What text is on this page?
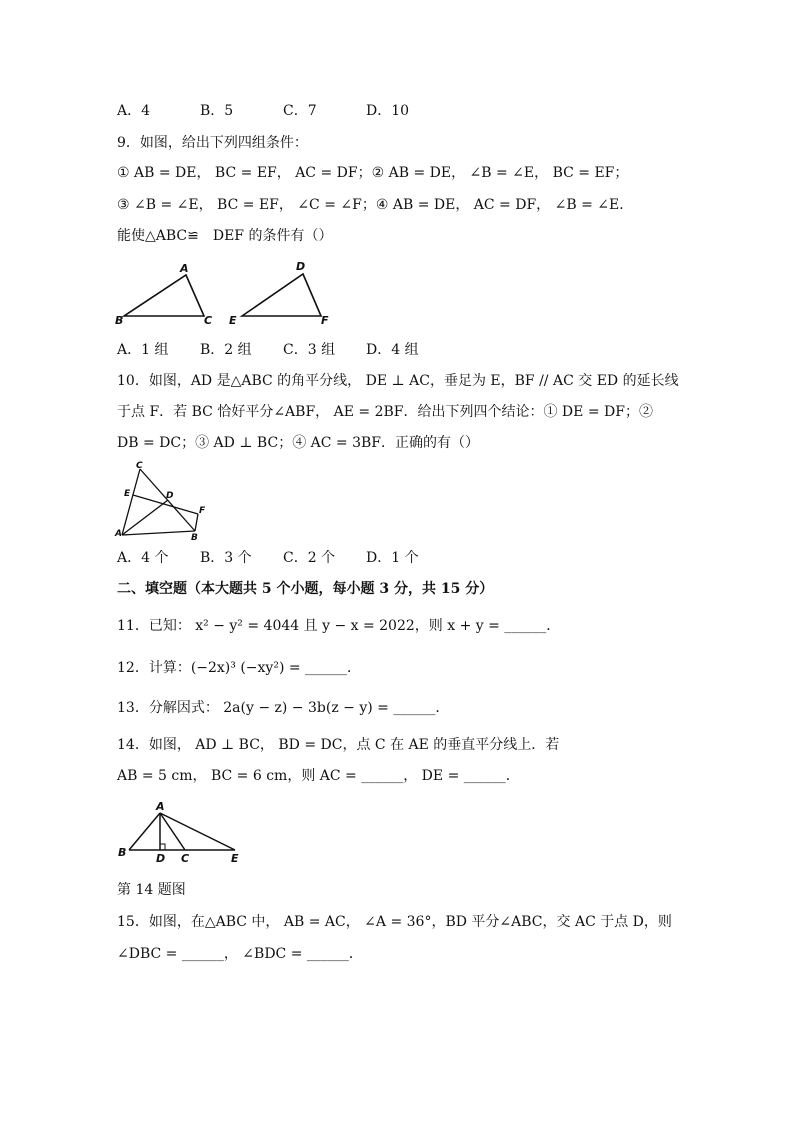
A．4	B．5	C．7	D．10
9．如图，给出下列四组条件：
① AB = DE， BC = EF， AC = DF；② AB = DE， ∠B = ∠E， BC = EF；
③ ∠B = ∠E， BC = EF， ∠C = ∠F；④ AB = DE， AC = DF， ∠B = ∠E．
能使△ABC≌　DEF 的条件有（）
A
B	C
D
E	F
A．1 组 B．2 组 C．3 组 D．4 组
10．如图，AD 是△ABC 的角平分线， DE ⊥ AC，垂足为 E，BF // AC 交 ED 的延长线
于点 F．若 BC 恰好平分∠ABF， AE = 2BF．给出下列四个结论：① DE = DF；②
DB = DC；③ AD ⊥ BC；④ AC = 3BF．正确的有（）
C
E	D
F
A	B
A．4 个 B．3 个 C．2 个 D．1 个
二、填空题（本大题共 5 个小题，每小题 3 分，共 15 分）
11．已知： x² − y² = 4044 且 y − x = 2022，则 x + y = ______．
12．计算：(−2x)³ (−xy²) = ______．
13．分解因式： 2a(y − z) − 3b(z − y) = ______．
14．如图， AD ⊥ BC， BD = DC，点 C 在 AE 的垂直平分线上．若
AB = 5 cm， BC = 6 cm，则 AC = ______， DE = ______．
A
B	D C	E
第 14 题图
15．如图，在△ABC 中， AB = AC， ∠A = 36°，BD 平分∠ABC，交 AC 于点 D，则
∠DBC = ______， ∠BDC = ______．
